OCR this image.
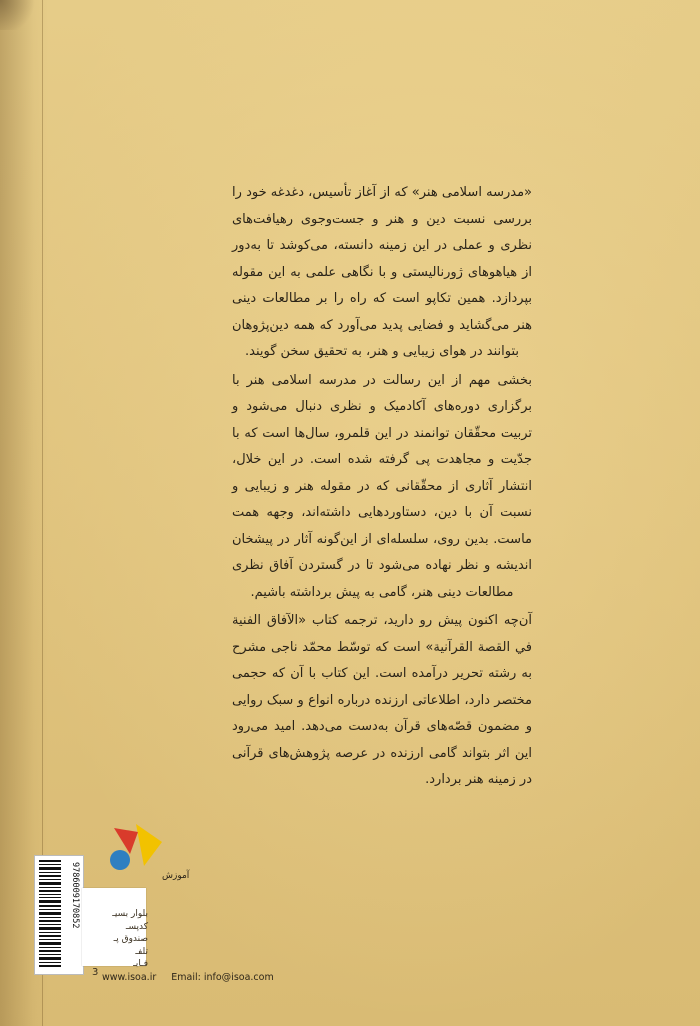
«مدرسه اسلامی هنر» که از آغاز تأسیس، دغدغه خود را بررسی نسبت دین و هنر و جست‌وجوی رهیافت‌های نظری و عملی در این زمینه دانسته، می‌کوشد تا به‌دور از هیاهوهای ژورنالیستی و با نگاهی علمی به این مقوله بپردازد. همین تکاپو است که راه را بر مطالعات دینی هنر می‌گشاید و فضایی پدید می‌آورد که همه دین‌پژوهان بتوانند در هوای زیبایی و هنر، به تحقیق سخن گویند.

بخشی مهم از این رسالت در مدرسه اسلامی هنر با برگزاری دوره‌های آکادمیک و نظری دنبال می‌شود و تربیت محقّقان توانمند در این قلمرو، سال‌ها است که با جدّیت و مجاهدت پی گرفته شده است. در این خلال، انتشار آثاری از محقّقانی که در مقوله هنر و زیبایی و نسبت آن با دین، دستاوردهایی داشته‌اند، وجهه همت ماست. بدین روی، سلسله‌ای از این‌گونه آثار در پیشخان اندیشه و نظر نهاده می‌شود تا در گستردن آفاق نظری مطالعات دینی هنر، گامی به پیش برداشته باشیم.

آن‌چه اکنون پیش رو دارید، ترجمه کتاب «الآفاق الفنية في القصة القرآنية» است که توسّط محمّد ناجی مشرح به رشته تحریر درآمده است. این کتاب با آن که حجمی مختصر دارد، اطلاعاتی ارزنده درباره انواع و سبک روایی و مضمون قصّه‌های قرآن به‌دست می‌دهد. امید می‌رود این اثر بتواند گامی ارزنده در عرصه پژوهش‌های قرآنی در زمینه هنر بردارد.

آموزش
9786009170852	بلوار بسیـ
کدپسـ
صندوق پـ
تلفـ
فـابـ
3 www.isoa.ir Email: info@isoa.com
